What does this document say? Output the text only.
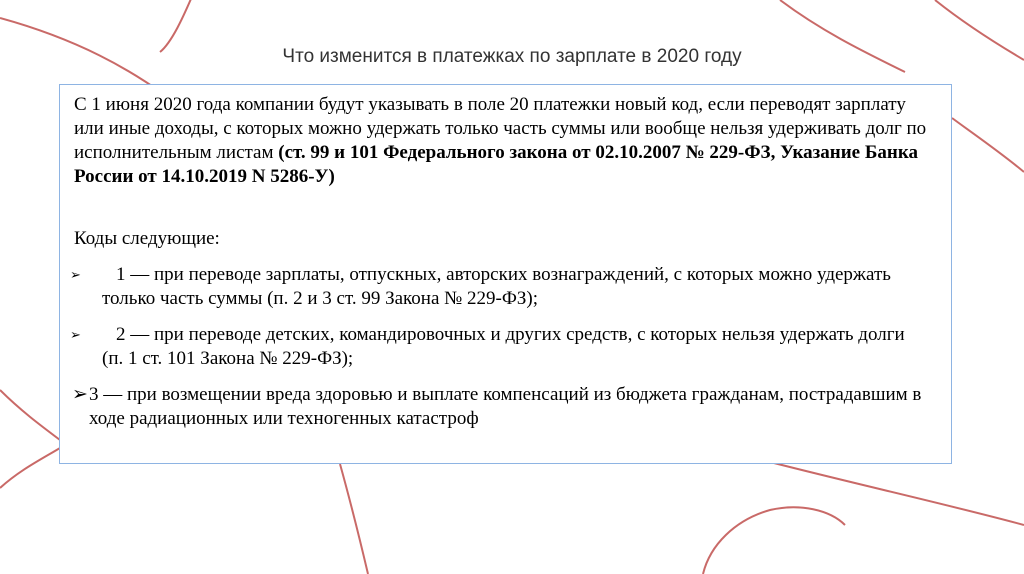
Что изменится в платежках по зарплате в 2020 году

С 1 июня 2020 года компании будут указывать в поле 20 платежки новый код, если переводят зарплату или иные доходы, с которых можно удержать только часть суммы или вообще нельзя удерживать долг по исполнительным листам (ст. 99 и 101 Федерального закона от 02.10.2007 № 229-ФЗ, Указание Банка России от 14.10.2019 N 5286-У)

Коды следующие:

➢	1 — при переводе зарплаты, отпускных, авторских вознаграждений, с которых можно удержать только часть суммы (п. 2 и 3 ст. 99 Закона № 229-ФЗ);
➢	2 — при переводе детских, командировочных и других средств, с которых нельзя удержать долги (п. 1 ст. 101 Закона № 229-ФЗ);
➢ 3 — при возмещении вреда здоровью и выплате компенсаций из бюджета гражданам, пострадавшим в ходе радиационных или техногенных катастроф
